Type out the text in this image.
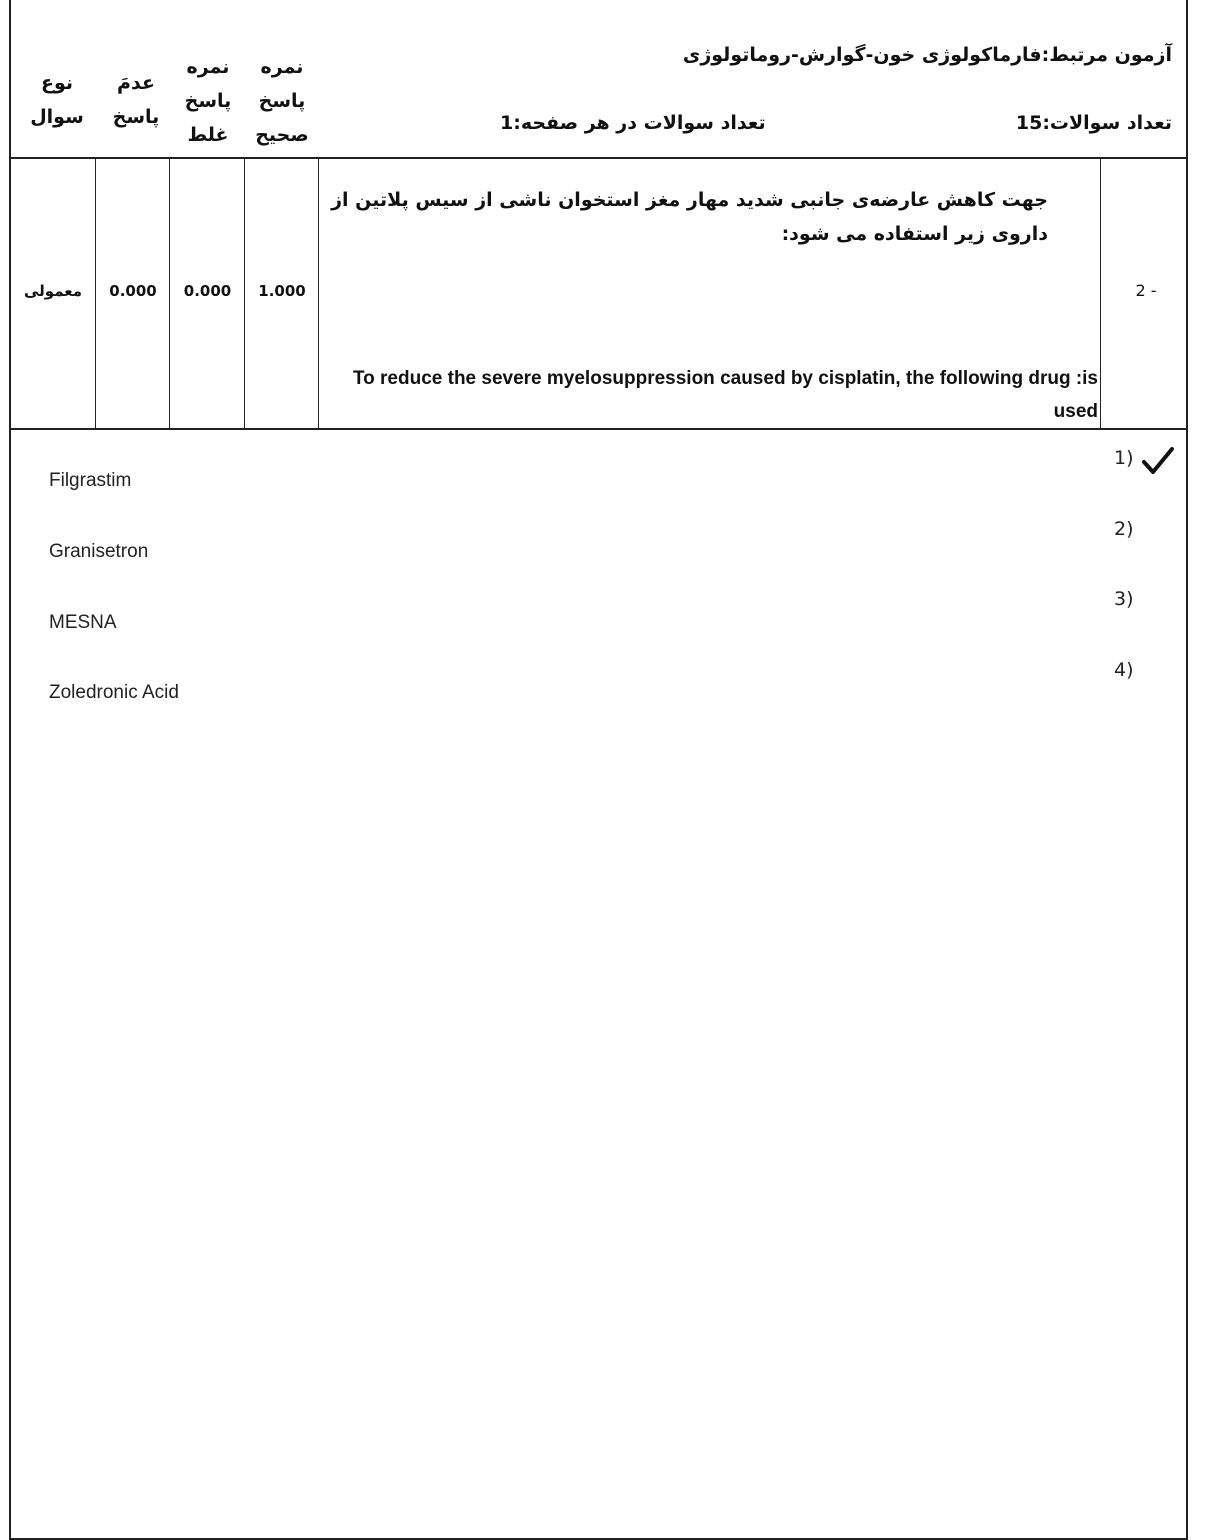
آزمون مرتبط:فارماکولوژی خون-گوارش-روماتولوژی
تعداد سوالات:15
تعداد سوالات در هر صفحه:1
نمره
پاسخ
صحیح
نمره
پاسخ
غلط
عدمَ
پاسخ
نوع
سوال
2 -
جهت کاهش عارضه‌ی جانبی شدید مهار مغز استخوان ناشی از سیس پلاتین از داروی زیر استفاده می شود:
To reduce the severe myelosuppression caused by cisplatin, the following drug :is used
1.000
0.000
0.000
معمولی
1)
Filgrastim
2)
Granisetron
3)
MESNA
4)
Zoledronic Acid
